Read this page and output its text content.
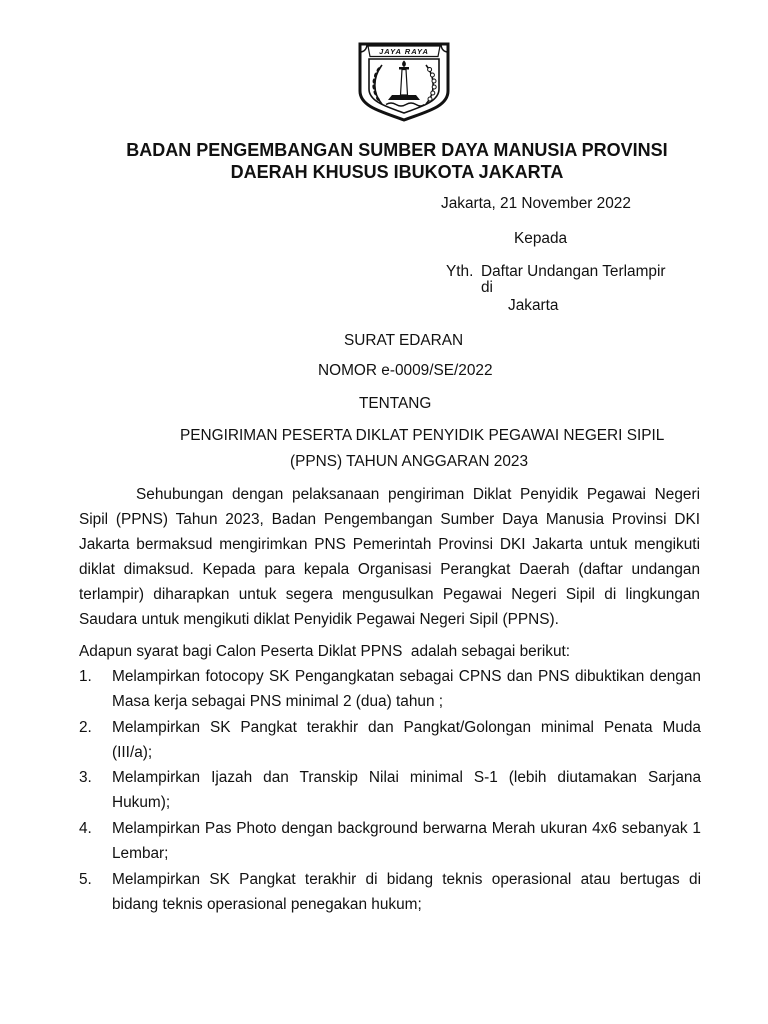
JAYA RAYA
BADAN PENGEMBANGAN SUMBER DAYA MANUSIA PROVINSI
DAERAH KHUSUS IBUKOTA JAKARTA
Jakarta, 21 November 2022
Kepada
Yth. Daftar Undangan Terlampir
di
Jakarta
SURAT EDARAN
NOMOR e-0009/SE/2022
TENTANG
PENGIRIMAN PESERTA DIKLAT PENYIDIK PEGAWAI NEGERI SIPIL
(PPNS) TAHUN ANGGARAN 2023
Sehubungan dengan pelaksanaan pengiriman Diklat Penyidik Pegawai Negeri
Sipil (PPNS) Tahun 2023, Badan Pengembangan Sumber Daya Manusia Provinsi DKI
Jakarta bermaksud mengirimkan PNS Pemerintah Provinsi DKI Jakarta untuk mengikuti
diklat dimaksud. Kepada para kepala Organisasi Perangkat Daerah (daftar undangan
terlampir) diharapkan untuk segera mengusulkan Pegawai Negeri Sipil di lingkungan
Saudara untuk mengikuti diklat Penyidik Pegawai Negeri Sipil (PPNS).
Adapun syarat bagi Calon Peserta Diklat PPNS  adalah sebagai berikut:
1. Melampirkan fotocopy SK Pengangkatan sebagai CPNS dan PNS dibuktikan dengan
Masa kerja sebagai PNS minimal 2 (dua) tahun ;
2. Melampirkan SK Pangkat terakhir dan Pangkat/Golongan minimal Penata Muda
(III/a);
3. Melampirkan Ijazah dan Transkip Nilai minimal S-1 (lebih diutamakan Sarjana
Hukum);
4. Melampirkan Pas Photo dengan background berwarna Merah ukuran 4x6 sebanyak 1
Lembar;
5. Melampirkan SK Pangkat terakhir di bidang teknis operasional atau bertugas di
bidang teknis operasional penegakan hukum;
